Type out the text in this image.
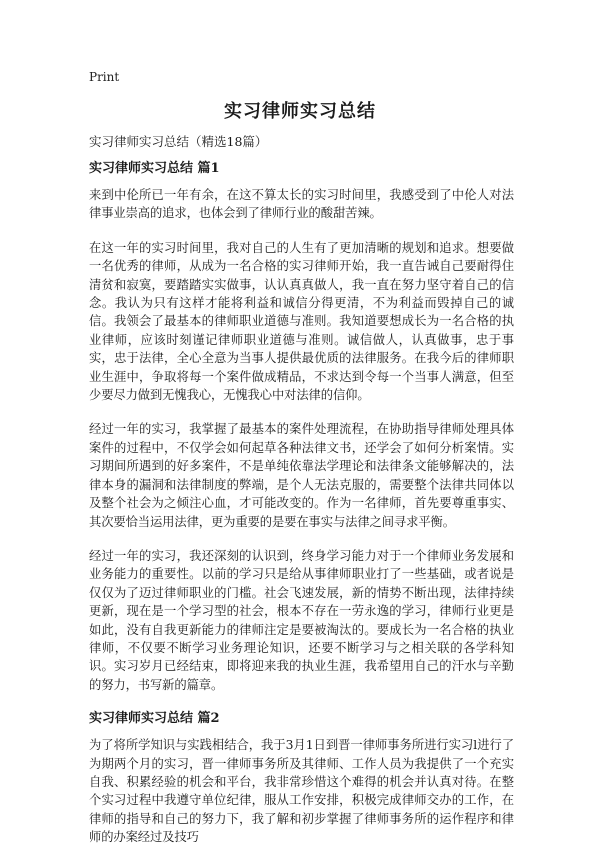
Print
实习律师实习总结
实习律师实习总结（精选18篇）
实习律师实习总结 篇1

来到中伦所已一年有余，在这不算太长的实习时间里，我感受到了中伦人对法律事业崇高的追求，也体会到了律师行业的酸甜苦辣。

在这一年的实习时间里，我对自己的人生有了更加清晰的规划和追求。想要做一名优秀的律师，从成为一名合格的实习律师开始，我一直告诫自己要耐得住清贫和寂寞，要踏踏实实做事，认认真真做人，我一直在努力坚守着自己的信念。我认为只有这样才能将利益和诚信分得更清，不为利益而毁掉自己的诚信。我领会了最基本的律师职业道德与准则。我知道要想成长为一名合格的执业律师，应该时刻谨记律师职业道德与准则。诚信做人，认真做事，忠于事实，忠于法律，全心全意为当事人提供最优质的法律服务。在我今后的律师职业生涯中，争取将每一个案件做成精品，不求达到令每一个当事人满意，但至少要尽力做到无愧我心，无愧我心中对法律的信仰。

经过一年的实习，我掌握了最基本的案件处理流程，在协助指导律师处理具体案件的过程中，不仅学会如何起草各种法律文书，还学会了如何分析案情。实习期间所遇到的好多案件，不是单纯依靠法学理论和法律条文能够解决的，法律本身的漏洞和法律制度的弊端，是个人无法克服的，需要整个法律共同体以及整个社会为之倾注心血，才可能改变的。作为一名律师，首先要尊重事实、其次要恰当运用法律，更为重要的是要在事实与法律之间寻求平衡。

经过一年的实习，我还深刻的认识到，终身学习能力对于一个律师业务发展和业务能力的重要性。以前的学习只是给从事律师职业打了一些基础，或者说是仅仅为了迈过律师职业的门槛。社会飞速发展，新的情势不断出现，法律持续更新，现在是一个学习型的社会，根本不存在一劳永逸的学习，律师行业更是如此，没有自我更新能力的律师注定是要被淘汰的。要成长为一名合格的执业律师，不仅要不断学习业务理论知识，还要不断学习与之相关联的各学科知识。实习岁月已经结束，即将迎来我的执业生涯，我希望用自己的汗水与辛勤的努力，书写新的篇章。

实习律师实习总结 篇2

为了将所学知识与实践相结合，我于3月1日到晋一律师事务所进行实习l进行了为期两个月的实习，晋一律师事务所及其律师、工作人员为我提供了一个充实自我、积累经验的机会和平台，我非常珍惜这个难得的机会并认真对待。在整个实习过程中我遵守单位纪律，服从工作安排，积极完成律师交办的工作，在律师的指导和自己的努力下，我了解和初步掌握了律师事务所的运作程序和律师的办案经过及技巧
